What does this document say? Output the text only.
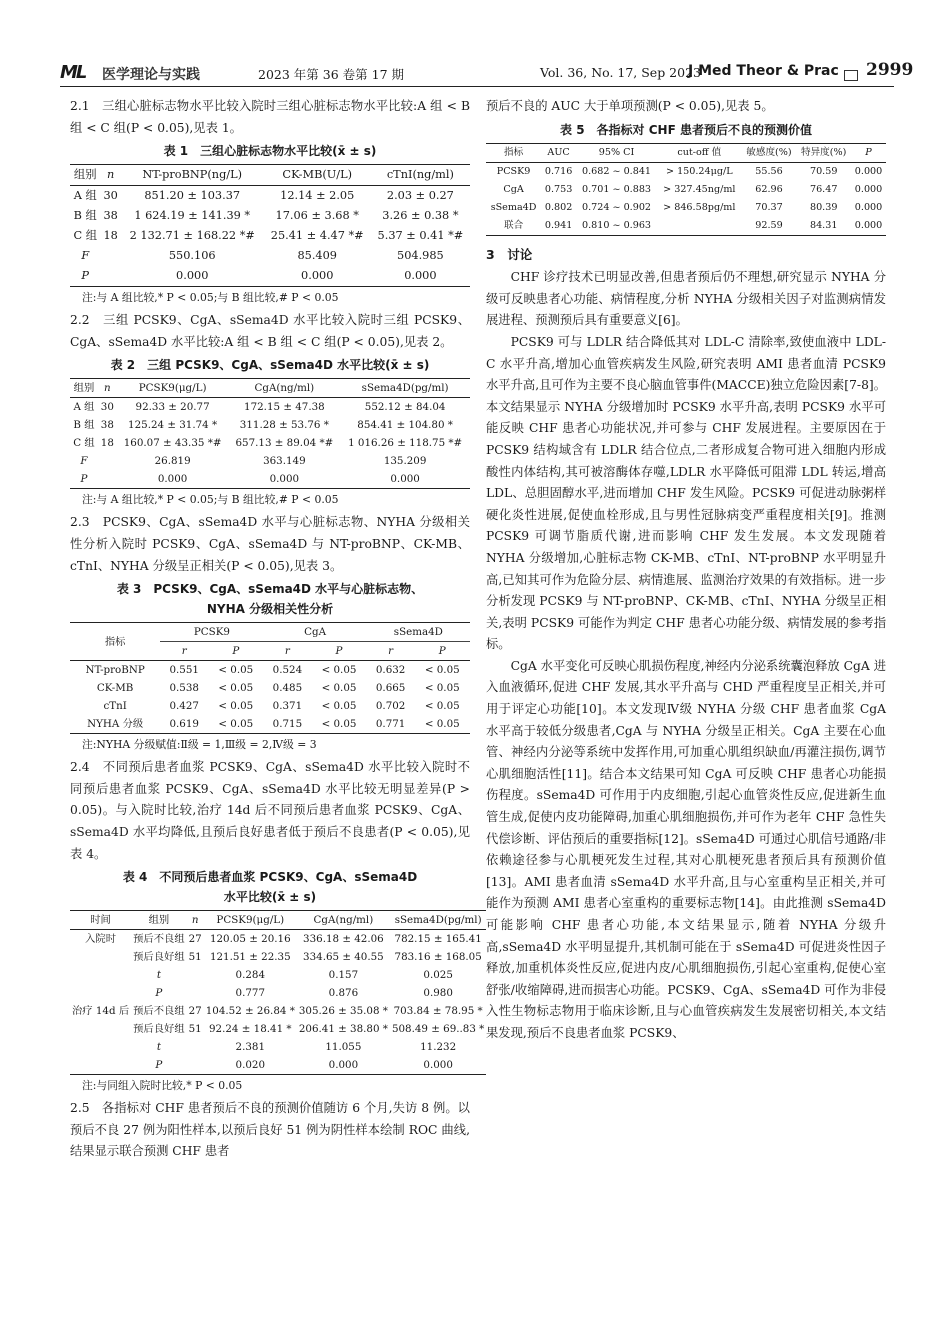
ML 医学理论与实践	2023 年第 36 卷第 17 期	Vol. 36, No. 17, Sep 2023
J Med Theor & Prac 2999

2.1　三组心脏标志物水平比较入院时三组心脏标志物水平比较:A 组 < B 组 < C 组(P < 0.05),见表 1。

表 1　三组心脏标志物水平比较(x̄ ± s)
组别	n	NT-proBNP(ng/L)	CK-MB(U/L)	cTnI(ng/ml)
A 组	30	851.20 ± 103.37	12.14 ± 2.05	2.03 ± 0.27
B 组	38	1 624.19 ± 141.39 *	17.06 ± 3.68 *	3.26 ± 0.38 *
C 组	18	2 132.71 ± 168.22 *#	25.41 ± 4.47 *#	5.37 ± 0.41 *#
F		550.106	85.409	504.985
P		0.000	0.000	0.000
注:与 A 组比较,* P < 0.05;与 B 组比较,# P < 0.05

2.2　三组 PCSK9、CgA、sSema4D 水平比较入院时三组 PCSK9、CgA、sSema4D 水平比较:A 组 < B 组 < C 组(P < 0.05),见表 2。

表 2　三组 PCSK9、CgA、sSema4D 水平比较(x̄ ± s)
组别	n	PCSK9(μg/L)	CgA(ng/ml)	sSema4D(pg/ml)
A 组	30	92.33 ± 20.77	172.15 ± 47.38	552.12 ± 84.04
B 组	38	125.24 ± 31.74 *	311.28 ± 53.76 *	854.41 ± 104.80 *
C 组	18	160.07 ± 43.35 *#	657.13 ± 89.04 *#	1 016.26 ± 118.75 *#
F		26.819	363.149	135.209
P		0.000	0.000	0.000
注:与 A 组比较,* P < 0.05;与 B 组比较,# P < 0.05

2.3　PCSK9、CgA、sSema4D 水平与心脏标志物、NYHA 分级相关性分析入院时 PCSK9、CgA、sSema4D 与 NT-proBNP、CK-MB、cTnI、NYHA 分级呈正相关(P < 0.05),见表 3。

表 3　PCSK9、CgA、sSema4D 水平与心脏标志物、
NYHA 分级相关性分析
指标	PCSK9		CgA		sSema4D	
	r	P	r	P	r	P
NT-proBNP	0.551	< 0.05	0.524	< 0.05	0.632	< 0.05
CK-MB	0.538	< 0.05	0.485	< 0.05	0.665	< 0.05
cTnI	0.427	< 0.05	0.371	< 0.05	0.702	< 0.05
NYHA 分级	0.619	< 0.05	0.715	< 0.05	0.771	< 0.05
注:NYHA 分级赋值:Ⅱ级 = 1,Ⅲ级 = 2,Ⅳ级 = 3

2.4　不同预后患者血浆 PCSK9、CgA、sSema4D 水平比较入院时不同预后患者血浆 PCSK9、CgA、sSema4D 水平比较无明显差异(P > 0.05)。与入院时比较,治疗 14d 后不同预后患者血浆 PCSK9、CgA、sSema4D 水平均降低,且预后良好患者低于预后不良患者(P < 0.05),见表 4。

表 4　不同预后患者血浆 PCSK9、CgA、sSema4D
水平比较(x̄ ± s)
时间	组别	n	PCSK9(μg/L)	CgA(ng/ml)	sSema4D(pg/ml)
入院时	预后不良组	27	120.05 ± 20.16	336.18 ± 42.06	782.15 ± 165.41
	预后良好组	51	121.51 ± 22.35	334.65 ± 40.55	783.16 ± 168.05
	t		0.284	0.157	0.025
	P		0.777	0.876	0.980
治疗 14d 后	预后不良组	27	104.52 ± 26.84 *	305.26 ± 35.08 *	703.84 ± 78.95 *
	预后良好组	51	92.24 ± 18.41 *	206.41 ± 38.80 *	508.49 ± 69..83 *
	t		2.381	11.055	11.232
	P		0.020	0.000	0.000
注:与同组入院时比较,* P < 0.05

2.5　各指标对 CHF 患者预后不良的预测价值随访 6 个月,失访 8 例。以预后不良 27 例为阳性样本,以预后良好 51 例为阴性样本绘制 ROC 曲线,结果显示联合预测 CHF 患者

预后不良的 AUC 大于单项预测(P < 0.05),见表 5。

表 5　各指标对 CHF 患者预后不良的预测价值
指标	AUC	95% CI	cut-off 值	敏感度(%)	特异度(%)	P
PCSK9	0.716	0.682 ~ 0.841	> 150.24μg/L	55.56	70.59	0.000
CgA	0.753	0.701 ~ 0.883	> 327.45ng/ml	62.96	76.47	0.000
sSema4D	0.802	0.724 ~ 0.902	> 846.58pg/ml	70.37	80.39	0.000
联合	0.941	0.810 ~ 0.963		92.59	84.31	0.000
3　讨论

CHF 诊疗技术已明显改善,但患者预后仍不理想,研究显示 NYHA 分级可反映患者心功能、病情程度,分析 NYHA 分级相关因子对监测病情发展进程、预测预后具有重要意义[6]。

PCSK9 可与 LDLR 结合降低其对 LDL-C 清除率,致使血液中 LDL-C 水平升高,增加心血管疾病发生风险,研究表明 AMI 患者血清 PCSK9 水平升高,且可作为主要不良心脑血管事件(MACCE)独立危险因素[7-8]。本文结果显示 NYHA 分级增加时 PCSK9 水平升高,表明 PCSK9 水平可能反映 CHF 患者心功能状况,并可参与 CHF 发展进程。主要原因在于 PCSK9 结构域含有 LDLR 结合位点,二者形成复合物可进入细胞内形成酸性内体结构,其可被溶酶体存噬,LDLR 水平降低可阻滞 LDL 转运,增高 LDL、总胆固醇水平,进而增加 CHF 发生风险。PCSK9 可促进动脉粥样硬化炎性进展,促使血栓形成,且与男性冠脉病变严重程度相关[9]。推测 PCSK9 可调节脂质代谢,进而影响 CHF 发生发展。本文发现随着 NYHA 分级增加,心脏标志物 CK-MB、cTnI、NT-proBNP 水平明显升高,已知其可作为危险分层、病情進展、监测治疗效果的有效指标。进一步分析发现 PCSK9 与 NT-proBNP、CK-MB、cTnI、NYHA 分级呈正相关,表明 PCSK9 可能作为判定 CHF 患者心功能分级、病情发展的参考指标。

CgA 水平变化可反映心肌损伤程度,神经内分泌系统囊泡释放 CgA 进入血液循环,促进 CHF 发展,其水平升高与 CHD 严重程度呈正相关,并可用于评定心功能[10]。本文发现Ⅳ级 NYHA 分级 CHF 患者血浆 CgA 水平高于较低分级患者,CgA 与 NYHA 分级呈正相关。CgA 主要在心血管、神经内分泌等系统中发挥作用,可加重心肌组织缺血/再灌注损伤,调节心肌细胞活性[11]。结合本文结果可知 CgA 可反映 CHF 患者心功能损伤程度。sSema4D 可作用于内皮细胞,引起心血管炎性反应,促进新生血管生成,促使内皮功能障碍,加重心肌细胞损伤,并可作为老年 CHF 急性失代偿诊断、评估预后的重要指标[12]。sSema4D 可通过心肌信号通路/非依赖途径参与心肌梗死发生过程,其对心肌梗死患者预后具有预测价值[13]。AMI 患者血清 sSema4D 水平升高,且与心室重构呈正相关,并可能作为预测 AMI 患者心室重构的重要标志物[14]。由此推测 sSema4D 可能影响 CHF 患者心功能,本文结果显示,随着 NYHA 分级升高,sSema4D 水平明显提升,其机制可能在于 sSema4D 可促进炎性因子释放,加重机体炎性反应,促进内皮/心肌细胞损伤,引起心室重构,促使心室舒张/收缩障碍,进而损害心功能。PCSK9、CgA、sSema4D 可作为非侵入性生物标志物用于临床诊断,且与心血管疾病发生发展密切相关,本文结果发现,预后不良患者血浆 PCSK9、
